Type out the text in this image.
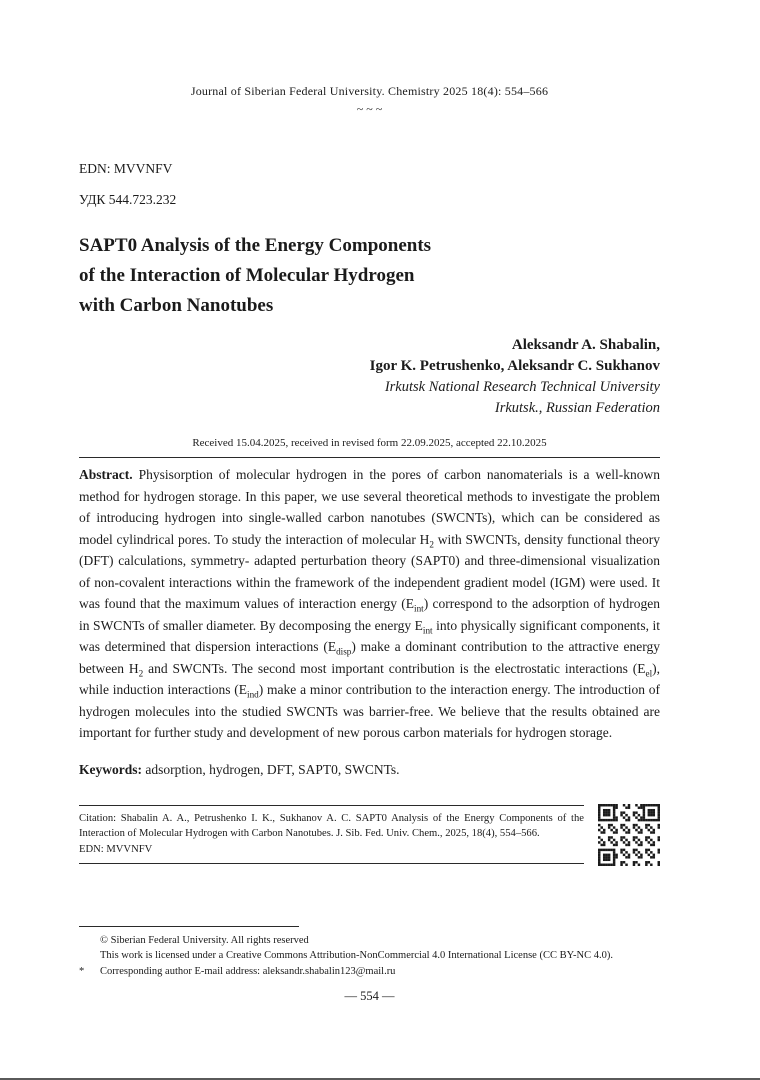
Journal of Siberian Federal University. Chemistry 2025 18(4): 554–566
~ ~ ~
EDN: MVVNFV
УДК 544.723.232
SAPT0 Analysis of the Energy Components
of the Interaction of Molecular Hydrogen
with Carbon Nanotubes
Aleksandr A. Shabalin,
Igor K. Petrushenko, Aleksandr C. Sukhanov
Irkutsk National Research Technical University
Irkutsk., Russian Federation
Received 15.04.2025, received in revised form 22.09.2025, accepted 22.10.2025

Abstract. Physisorption of molecular hydrogen in the pores of carbon nanomaterials is a well-known method for hydrogen storage. In this paper, we use several theoretical methods to investigate the problem of introducing hydrogen into single-walled carbon nanotubes (SWCNTs), which can be considered as model cylindrical pores. To study the interaction of molecular $H_2$ with SWCNTs, density functional theory (DFT) calculations, symmetry- adapted perturbation theory (SAPT0) and three-dimensional visualization of non-covalent interactions within the framework of the independent gradient model (IGM) were used. It was found that the maximum values of interaction energy $(E_{int})$ correspond to the adsorption of hydrogen in SWCNTs of smaller diameter. By decomposing the energy $E_{int}$ into physically significant components, it was determined that dispersion interactions $(E_{disp})$ make a dominant contribution to the attractive energy between $H_2$ and SWCNTs. The second most important contribution is the electrostatic interactions $(E_{el})$, while induction interactions $(E_{ind})$ make a minor contribution to the interaction energy. The introduction of hydrogen molecules into the studied SWCNTs was barrier-free. We believe that the results obtained are important for further study and development of new porous carbon materials for hydrogen storage.

Keywords: adsorption, hydrogen, DFT, SAPT0, SWCNTs.

Citation: Shabalin A. A., Petrushenko I. K., Sukhanov A. C. SAPT0 Analysis of the Energy Components of the Interaction of Molecular Hydrogen with Carbon Nanotubes. J. Sib. Fed. Univ. Chem., 2025, 18(4), 554–566.

EDN: MVVNFV
© Siberian Federal University. All rights reserved
This work is licensed under a Creative Commons Attribution-NonCommercial 4.0 International License (CC BY-NC 4.0).
*	Corresponding author E-mail address: aleksandr.shabalin123@mail.ru
— 554 —
